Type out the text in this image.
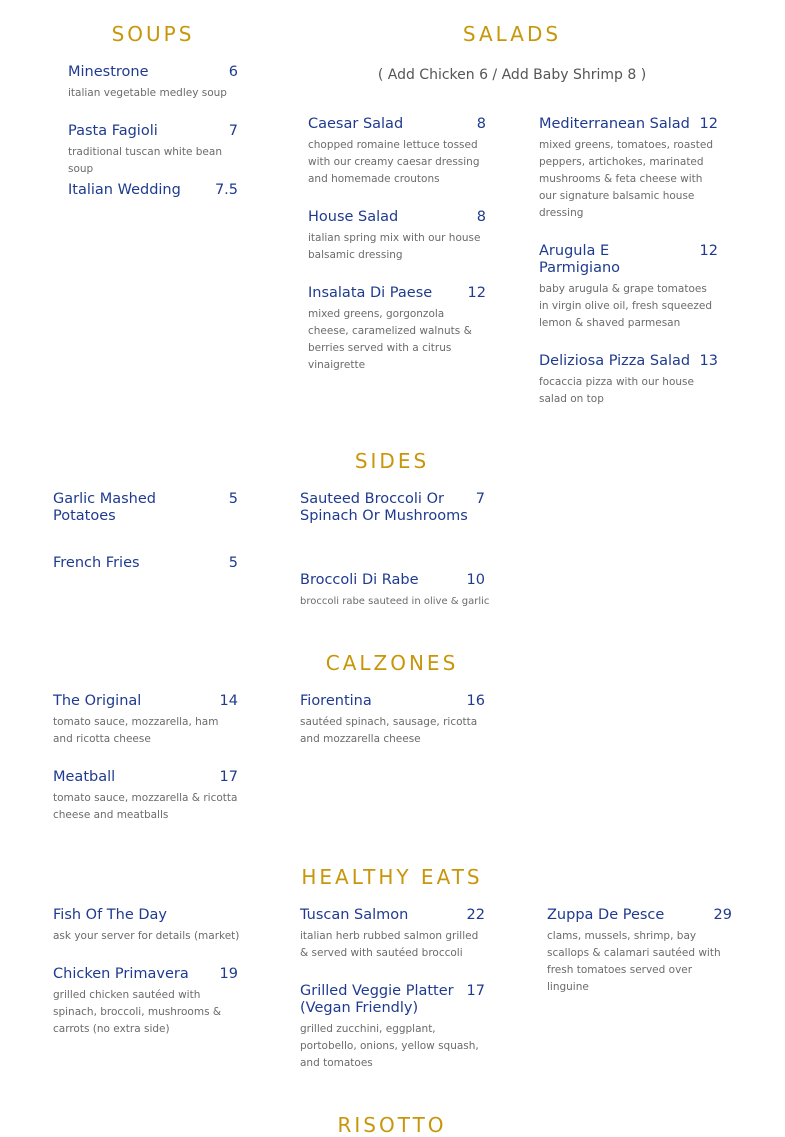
SOUPS
Minestrone	6
italian vegetable medley soup
Pasta Fagioli	7
traditional tuscan white bean soup
Italian Wedding	7.5
SALADS

( Add Chicken 6 / Add Baby Shrimp 8 )

Caesar Salad	8
chopped romaine lettuce tossed with our creamy caesar dressing and homemade croutons
House Salad	8
italian spring mix with our house balsamic dressing
Insalata Di Paese	12
mixed greens, gorgonzola cheese, caramelized walnuts & berries served with a citrus vinaigrette
Mediterranean Salad 12
mixed greens, tomatoes, roasted peppers, artichokes, marinated mushrooms & feta cheese with our signature balsamic house dressing
Arugula E Parmigiano
12
baby arugula & grape tomatoes in virgin olive oil, fresh squeezed lemon & shaved parmesan
Deliziosa Pizza Salad 13
focaccia pizza with our house salad on top
SIDES
Garlic Mashed Potatoes
5
French Fries	5
Sauteed Broccoli Or Spinach Or Mushrooms
7
Broccoli Di Rabe	10
broccoli rabe sauteed in olive & garlic
CALZONES
The Original	14
tomato sauce, mozzarella, ham and ricotta cheese
Meatball	17
tomato sauce, mozzarella & ricotta cheese and meatballs
Fiorentina	16
sautéed spinach, sausage, ricotta and mozzarella cheese
HEALTHY EATS
Fish Of The Day
ask your server for details (market)
Chicken Primavera	19
grilled chicken sautéed with spinach, broccoli, mushrooms & carrots (no extra side)
Tuscan Salmon	22
italian herb rubbed salmon grilled & served with sautéed broccoli
Grilled Veggie Platter (Vegan Friendly)
17
grilled zucchini, eggplant, portobello, onions, yellow squash, and tomatoes
Zuppa De Pesce	29
clams, mussels, shrimp, bay scallops & calamari sautéed with fresh tomatoes served over linguine
RISOTTO
